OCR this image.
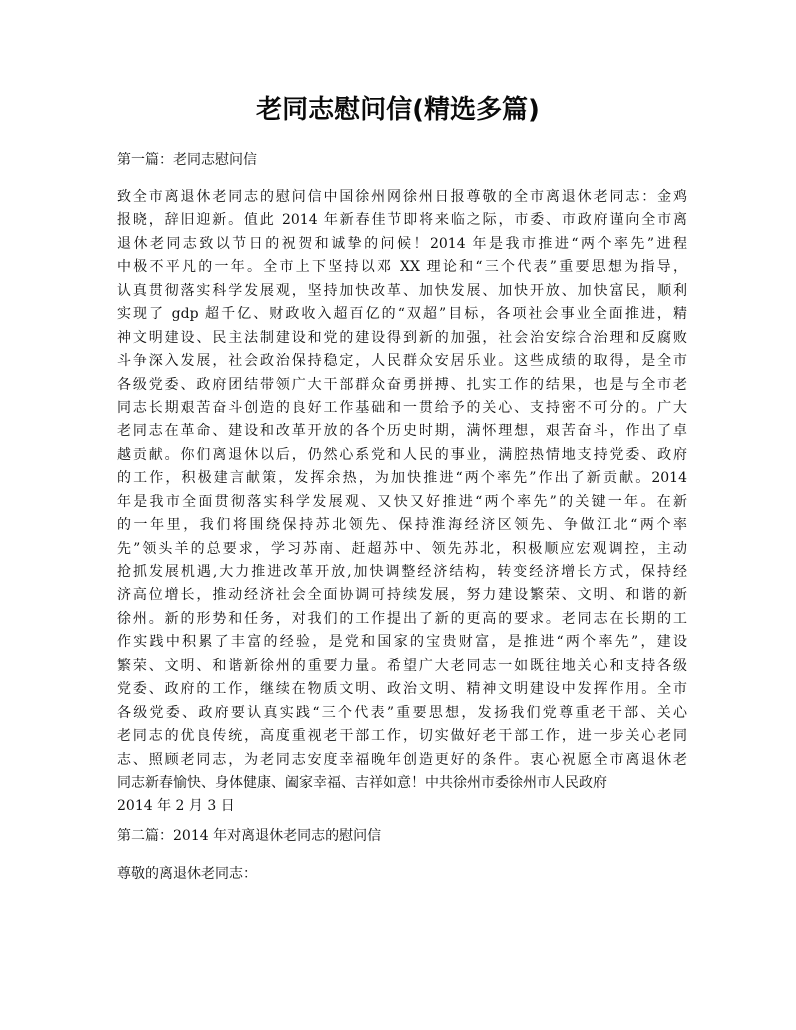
老同志慰问信(精选多篇)

第一篇：老同志慰问信

致全市离退休老同志的慰问信中国徐州网徐州日报尊敬的全市离退休老同志：金鸡
报晓，辞旧迎新。值此 2014 年新春佳节即将来临之际，市委、市政府谨向全市离
退休老同志致以节日的祝贺和诚挚的问候！2014 年是我市推进“两个率先”进程
中极不平凡的一年。全市上下坚持以邓 XX 理论和“三个代表”重要思想为指导，
认真贯彻落实科学发展观，坚持加快改革、加快发展、加快开放、加快富民，顺利
实现了 gdp 超千亿、财政收入超百亿的“双超”目标，各项社会事业全面推进，精
神文明建设、民主法制建设和党的建设得到新的加强，社会治安综合治理和反腐败
斗争深入发展，社会政治保持稳定，人民群众安居乐业。这些成绩的取得，是全市
各级党委、政府团结带领广大干部群众奋勇拼搏、扎实工作的结果，也是与全市老
同志长期艰苦奋斗创造的良好工作基础和一贯给予的关心、支持密不可分的。广大
老同志在革命、建设和改革开放的各个历史时期，满怀理想，艰苦奋斗，作出了卓
越贡献。你们离退休以后，仍然心系党和人民的事业，满腔热情地支持党委、政府
的工作，积极建言献策，发挥余热，为加快推进“两个率先”作出了新贡献。2014
年是我市全面贯彻落实科学发展观、又快又好推进“两个率先”的关键一年。在新
的一年里，我们将围绕保持苏北领先、保持淮海经济区领先、争做江北“两个率
先”领头羊的总要求，学习苏南、赶超苏中、领先苏北，积极顺应宏观调控，主动
抢抓发展机遇,大力推进改革开放,加快调整经济结构，转变经济增长方式，保持经
济高位增长，推动经济社会全面协调可持续发展，努力建设繁荣、文明、和谐的新
徐州。新的形势和任务，对我们的工作提出了新的更高的要求。老同志在长期的工
作实践中积累了丰富的经验，是党和国家的宝贵财富，是推进“两个率先”，建设
繁荣、文明、和谐新徐州的重要力量。希望广大老同志一如既往地关心和支持各级
党委、政府的工作，继续在物质文明、政治文明、精神文明建设中发挥作用。全市
各级党委、政府要认真实践“三个代表”重要思想，发扬我们党尊重老干部、关心
老同志的优良传统，高度重视老干部工作，切实做好老干部工作，进一步关心老同
志、照顾老同志，为老同志安度幸福晚年创造更好的条件。衷心祝愿全市离退休老
同志新春愉快、身体健康、阖家幸福、吉祥如意！中共徐州市委徐州市人民政府
2014 年 2 月 3 日

第二篇：2014 年对离退休老同志的慰问信

尊敬的离退休老同志：
